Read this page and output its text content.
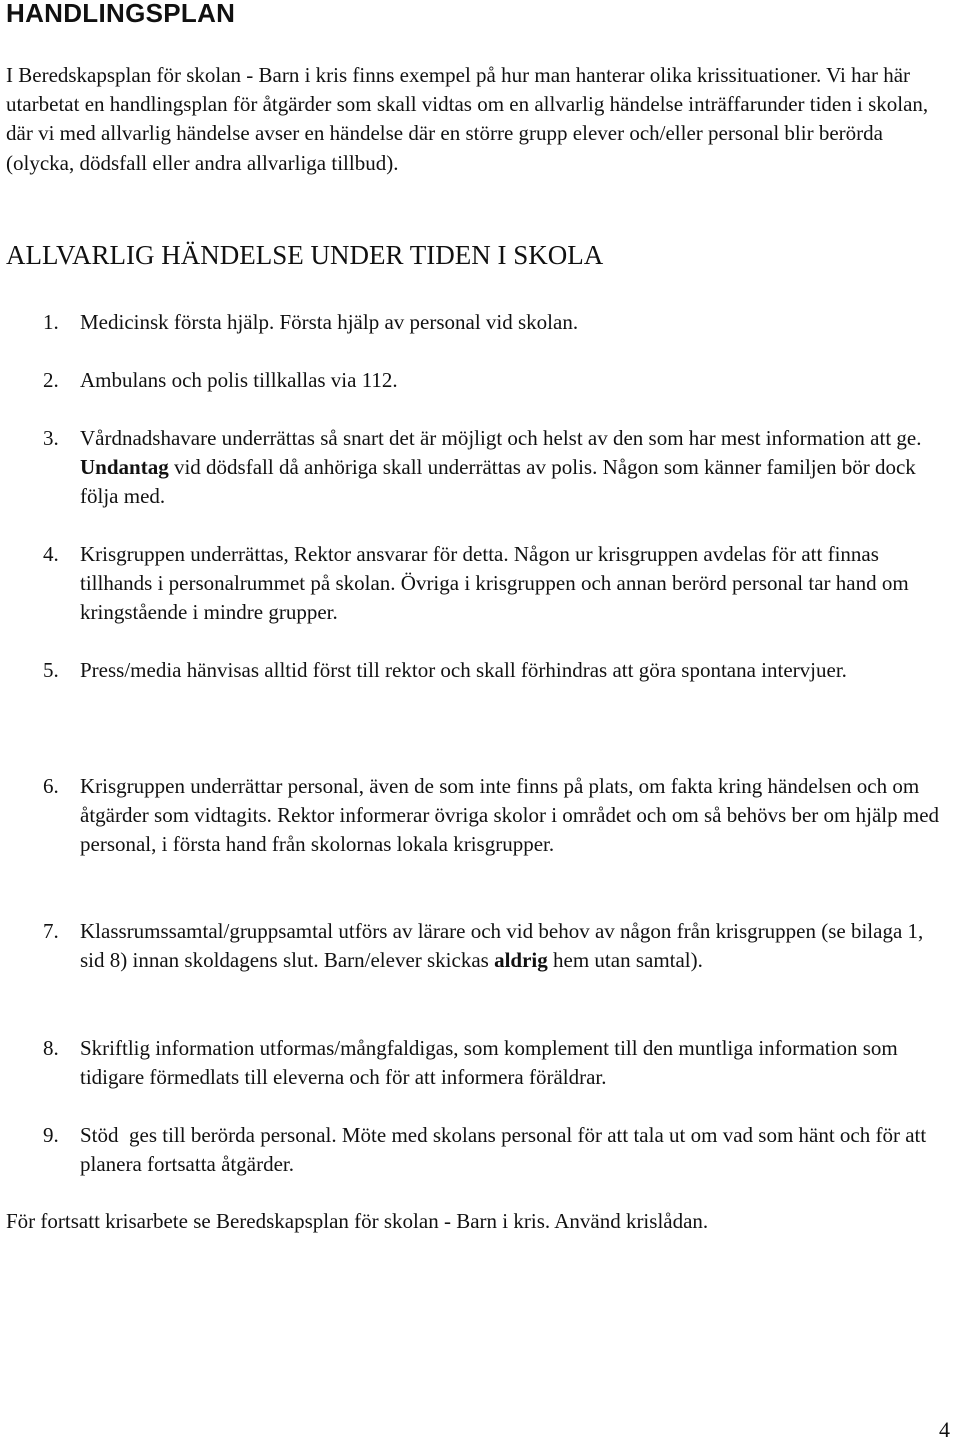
HANDLINGSPLAN

I Beredskapsplan för skolan - Barn i kris finns exempel på hur man hanterar olika krissituationer. Vi har här utarbetat en handlingsplan för åtgärder som skall vidtas om en allvarlig händelse inträffarunder tiden i skolan, där vi med allvarlig händelse avser en händelse där en större grupp elever och/eller personal blir berörda (olycka, dödsfall eller andra allvarliga tillbud).

ALLVARLIG HÄNDELSE UNDER TIDEN I SKOLA
1. Medicinsk första hjälp. Första hjälp av personal vid skolan.
2. Ambulans och polis tillkallas via 112.
3. Vårdnadshavare underrättas så snart det är möjligt och helst av den som har mest information att ge. Undantag vid dödsfall då anhöriga skall underrättas av polis. Någon som känner familjen bör dock följa med.
4. Krisgruppen underrättas, Rektor ansvarar för detta. Någon ur krisgruppen avdelas för att finnas tillhands i personalrummet på skolan. Övriga i krisgruppen och annan berörd personal tar hand om kringstående i mindre grupper.
5. Press/media hänvisas alltid först till rektor och skall förhindras att göra spontana intervjuer.
6. Krisgruppen underrättar personal, även de som inte finns på plats, om fakta kring händelsen och om åtgärder som vidtagits. Rektor informerar övriga skolor i området och om så behövs ber om hjälp med personal, i första hand från skolornas lokala krisgrupper.
7. Klassrumssamtal/gruppsamtal utförs av lärare och vid behov av någon från krisgruppen (se bilaga 1, sid 8) innan skoldagens slut. Barn/elever skickas aldrig hem utan samtal).
8. Skriftlig information utformas/mångfaldigas, som komplement till den muntliga information som tidigare förmedlats till eleverna och för att informera föräldrar.
9. Stöd  ges till berörda personal. Möte med skolans personal för att tala ut om vad som hänt och för att planera fortsatta åtgärder.

För fortsatt krisarbete se Beredskapsplan för skolan - Barn i kris. Använd krislådan.

4
